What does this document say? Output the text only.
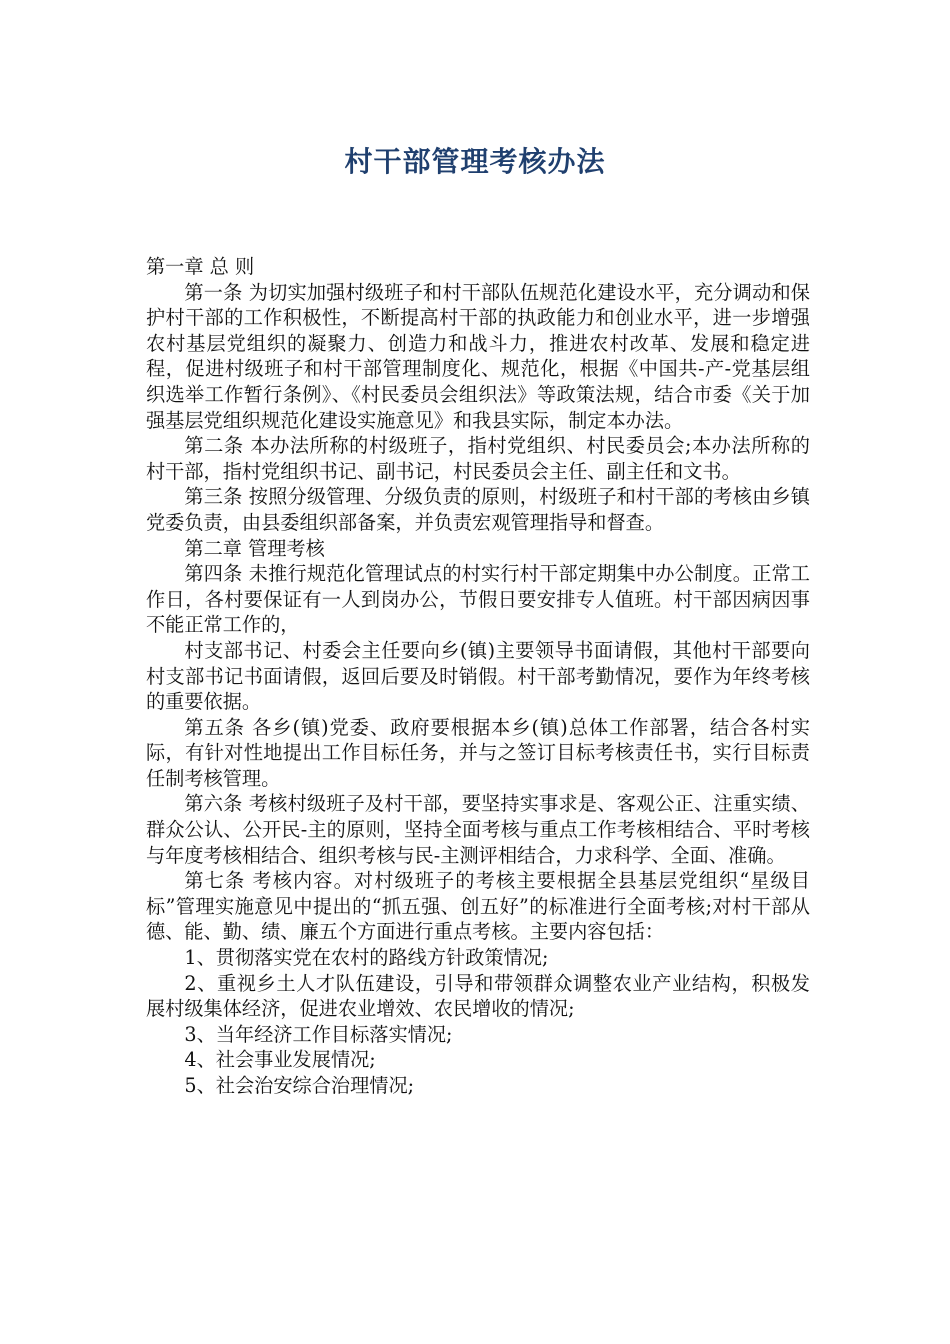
村干部管理考核办法

第一章 总 则

第一条 为切实加强村级班子和村干部队伍规范化建设水平，充分调动和保护村干部的工作积极性，不断提高村干部的执政能力和创业水平，进一步增强农村基层党组织的凝聚力、创造力和战斗力，推进农村改革、发展和稳定进程，促进村级班子和村干部管理制度化、规范化，根据《中国共-产-党基层组织选举工作暂行条例》、《村民委员会组织法》等政策法规，结合市委《关于加强基层党组织规范化建设实施意见》和我县实际，制定本办法。

第二条 本办法所称的村级班子，指村党组织、村民委员会;本办法所称的村干部，指村党组织书记、副书记，村民委员会主任、副主任和文书。

第三条 按照分级管理、分级负责的原则，村级班子和村干部的考核由乡镇党委负责，由县委组织部备案，并负责宏观管理指导和督查。

第二章 管理考核

第四条 未推行规范化管理试点的村实行村干部定期集中办公制度。正常工作日，各村要保证有一人到岗办公，节假日要安排专人值班。村干部因病因事不能正常工作的，

村支部书记、村委会主任要向乡(镇)主要领导书面请假，其他村干部要向村支部书记书面请假，返回后要及时销假。村干部考勤情况，要作为年终考核的重要依据。

第五条 各乡(镇)党委、政府要根据本乡(镇)总体工作部署，结合各村实际，有针对性地提出工作目标任务，并与之签订目标考核责任书，实行目标责任制考核管理。

第六条 考核村级班子及村干部，要坚持实事求是、客观公正、注重实绩、群众公认、公开民-主的原则，坚持全面考核与重点工作考核相结合、平时考核与年度考核相结合、组织考核与民-主测评相结合，力求科学、全面、准确。

第七条 考核内容。对村级班子的考核主要根据全县基层党组织“星级目标”管理实施意见中提出的“抓五强、创五好”的标准进行全面考核;对村干部从德、能、勤、绩、廉五个方面进行重点考核。主要内容包括：

1、贯彻落实党在农村的路线方针政策情况;

2、重视乡土人才队伍建设，引导和带领群众调整农业产业结构，积极发展村级集体经济，促进农业增效、农民增收的情况;

3、当年经济工作目标落实情况;

4、社会事业发展情况;

5、社会治安综合治理情况;
